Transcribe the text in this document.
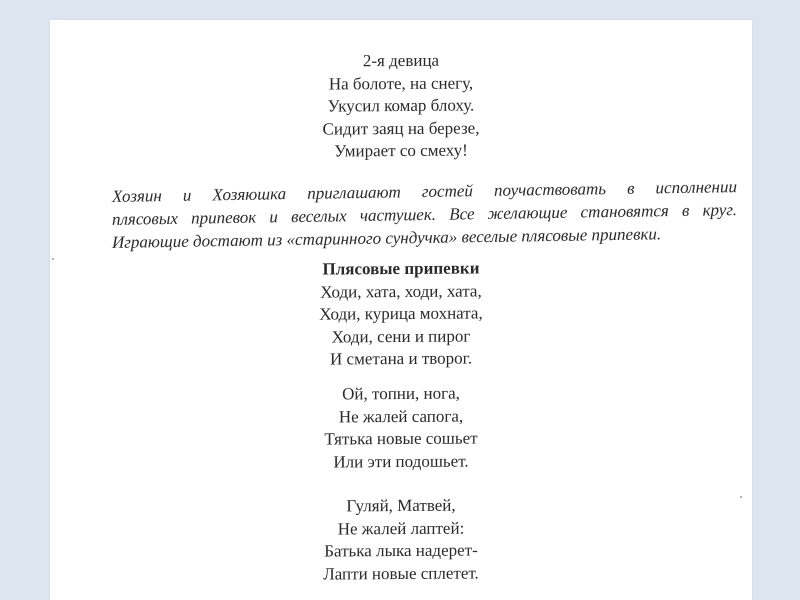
2-я девица
На болоте, на снегу,
Укусил комар блоху.
Сидит заяц на березе,
Умирает со смеху!
Хозяин и Хозяюшка приглашают гостей поучаствовать в исполнении
плясовых припевок и веселых частушек. Все желающие становятся в круг.
Играющие достают из «старинного сундучка» веселые плясовые припевки.
Плясовые припевки
Ходи, хата, ходи, хата,
Ходи, курица мохната,
Ходи, сени и пирог
И сметана и творог.
Ой, топни, нога,
Не жалей сапога,
Тятька новые сошьет
Или эти подошьет.
Гуляй, Матвей,
Не жалей лаптей:
Батька лыка надерет-
Лапти новые сплетет.
